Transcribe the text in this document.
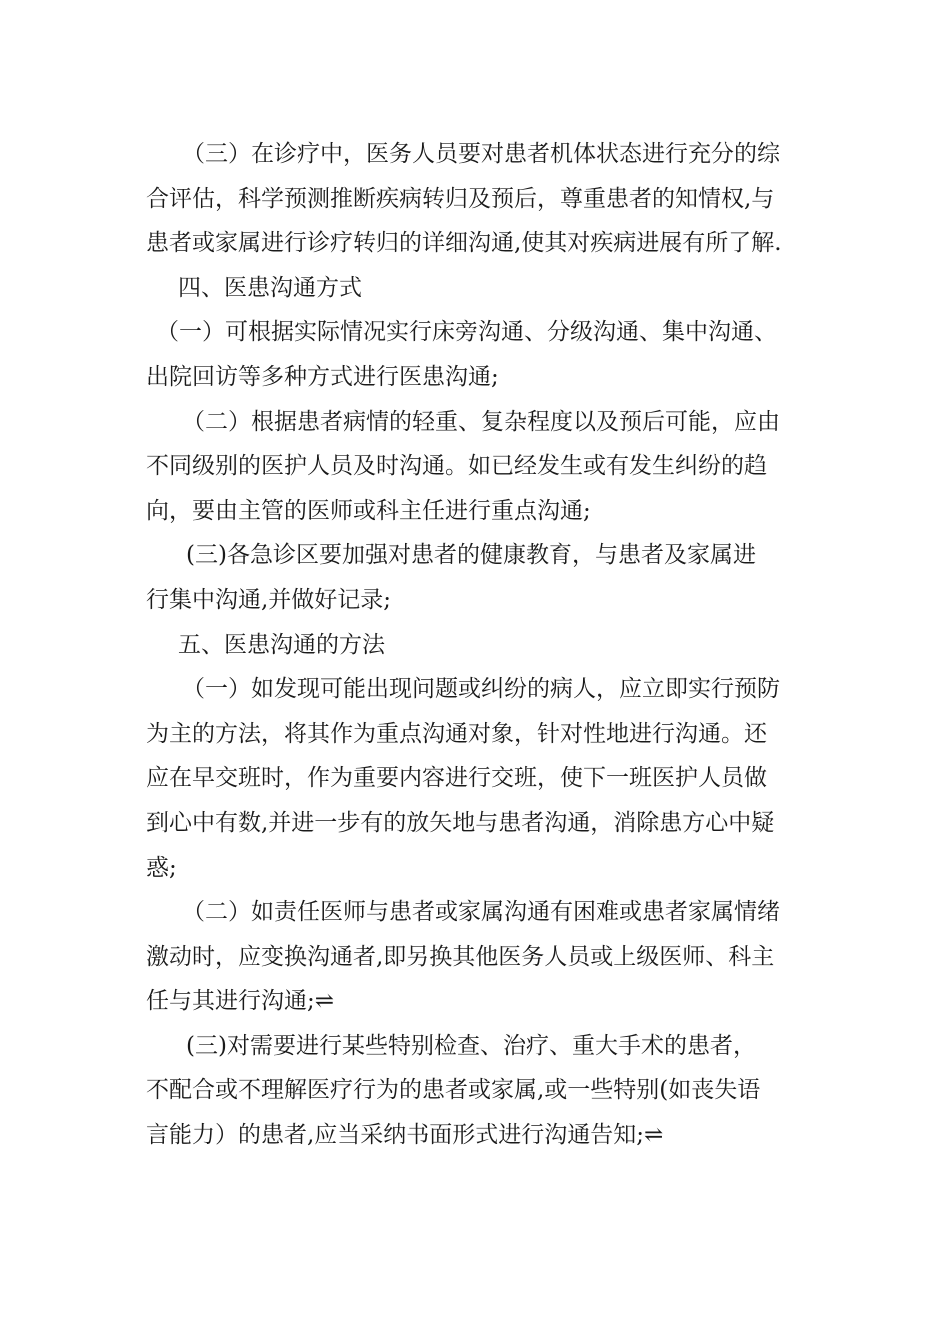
（三）在诊疗中，医务人员要对患者机体状态进行充分的综
合评估，科学预测推断疾病转归及预后，尊重患者的知情权,与
患者或家属进行诊疗转归的详细沟通,使其对疾病进展有所了解.
四、医患沟通方式
（一）可根据实际情况实行床旁沟通、分级沟通、集中沟通、
出院回访等多种方式进行医患沟通;
（二）根据患者病情的轻重、复杂程度以及预后可能，应由
不同级别的医护人员及时沟通。如已经发生或有发生纠纷的趋
向，要由主管的医师或科主任进行重点沟通;
(三)各急诊区要加强对患者的健康教育，与患者及家属进
行集中沟通,并做好记录;
五、医患沟通的方法
（一）如发现可能出现问题或纠纷的病人，应立即实行预防
为主的方法，将其作为重点沟通对象，针对性地进行沟通。还
应在早交班时，作为重要内容进行交班，使下一班医护人员做
到心中有数,并进一步有的放矢地与患者沟通，消除患方心中疑
惑;
（二）如责任医师与患者或家属沟通有困难或患者家属情绪
激动时，应变换沟通者,即另换其他医务人员或上级医师、科主
任与其进行沟通;⇌
(三)对需要进行某些特别检查、治疗、重大手术的患者，
不配合或不理解医疗行为的患者或家属,或一些特别(如丧失语
言能力）的患者,应当采纳书面形式进行沟通告知;⇌
